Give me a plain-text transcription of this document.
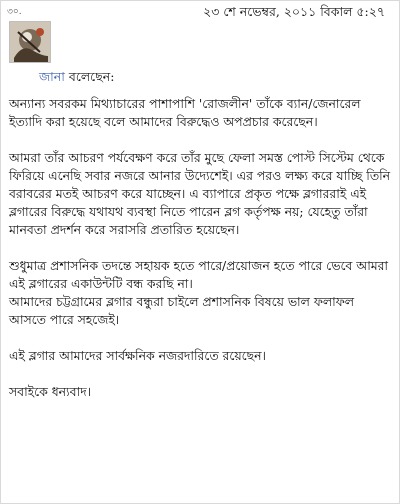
৩০.	২৩ শে নভেম্বর, ২০১১ বিকাল ৫:২৭
জানা বলেছেন:

অন্যান্য সবরকম মিথ্যাচারের পাশাপাশি 'রোজলীন' তাঁকে ব্যান/জেনারেল ইত্যাদি করা হয়েছে বলে আমাদের বিরুদ্ধেও অপপ্রচার করেছেন।

আমরা তাঁর আচরণ পর্যবেক্ষণ করে তাঁর মুছে ফেলা সমস্ত পোস্ট সিস্টেম থেকে ফিরিয়ে এনেছি সবার নজরে আনার উদ্যেশেই। এর পরও লক্ষ্য করে যাচ্ছি তিনি বরাবরের মতই আচরণ করে যাচ্ছেন। এ ব্যাপারে প্রকৃত পক্ষে ব্লগাররাই এই ব্লগারের বিরুদ্ধে যথাযথ ব্যবস্থা নিতে পারেন ব্লগ কর্তৃপক্ষ নয়; যেহেতু তাঁরা মানবতা প্রদর্শন করে সরাসরি প্রতারিত হয়েছেন।

শুধুমাত্র প্রশাসনিক তদন্তে সহায়ক হতে পারে/প্রয়োজন হতে পারে ভেবে আমরা এই ব্লগারের একাউন্টটি বন্ধ করছি না।
আমাদের চট্টগ্রামের ব্লগার বন্ধুরা চাইলে প্রশাসনিক বিষয়ে ভাল ফলাফল আসতে পারে সহজেই।

এই ব্লগার আমাদের সার্বক্ষনিক নজরদারিতে রয়েছেন।

সবাইকে ধন্যবাদ।
